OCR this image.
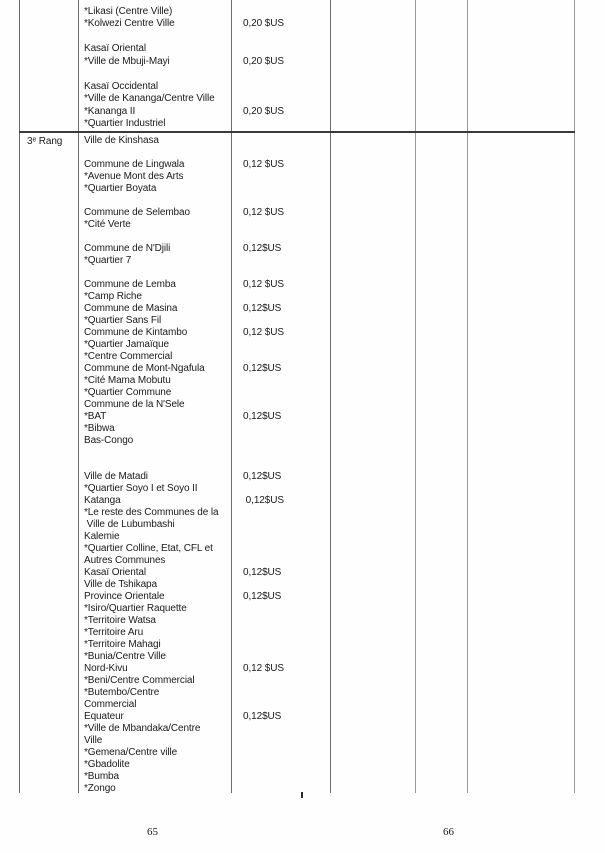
*Likasi (Centre Ville)
*Kolwezi Centre Ville	0,20 $US
Kasaï Oriental
*Ville de Mbuji-Mayi	0,20 $US
Kasaï Occidental
*Ville de Kananga/Centre Ville
*Kananga II	0,20 $US
*Quartier Industriel
3ᵉ Rang	Ville de Kinshasa
Commune de Lingwala	0,12 $US
*Avenue Mont des Arts
*Quartier Boyata
Commune de Selembao	0,12 $US
*Cité Verte
Commune de N'Djili	0,12$US
*Quartier 7
Commune de Lemba	0,12 $US
*Camp Riche
Commune de Masina	0,12$US
*Quartier Sans Fil
Commune de Kintambo	0,12 $US
*Quartier Jamaïque
*Centre Commercial
Commune de Mont-Ngafula	0,12$US
*Cité Mama Mobutu
*Quartier Commune
Commune de la N'Sele
*BAT	0,12$US
*Bibwa
Bas-Congo
Ville de Matadi	0,12$US
*Quartier Soyo I et Soyo II
Katanga	0,12$US
*Le reste des Communes de la
Ville de Lubumbashi
Kalemie
*Quartier Colline, Etat, CFL et
Autres Communes
Kasaï Oriental	0,12$US
Ville de Tshikapa
Province Orientale	0,12$US
*Isiro/Quartier Raquette
*Territoire Watsa
*Territoire Aru
*Territoire Mahagi
*Bunia/Centre Ville
Nord-Kivu	0,12 $US
*Beni/Centre Commercial
*Butembo/Centre
Commercial
Equateur	0,12$US
*Ville de Mbandaka/Centre
Ville
*Gemena/Centre ville
*Gbadolite
*Bumba
*Zongo
65	66
